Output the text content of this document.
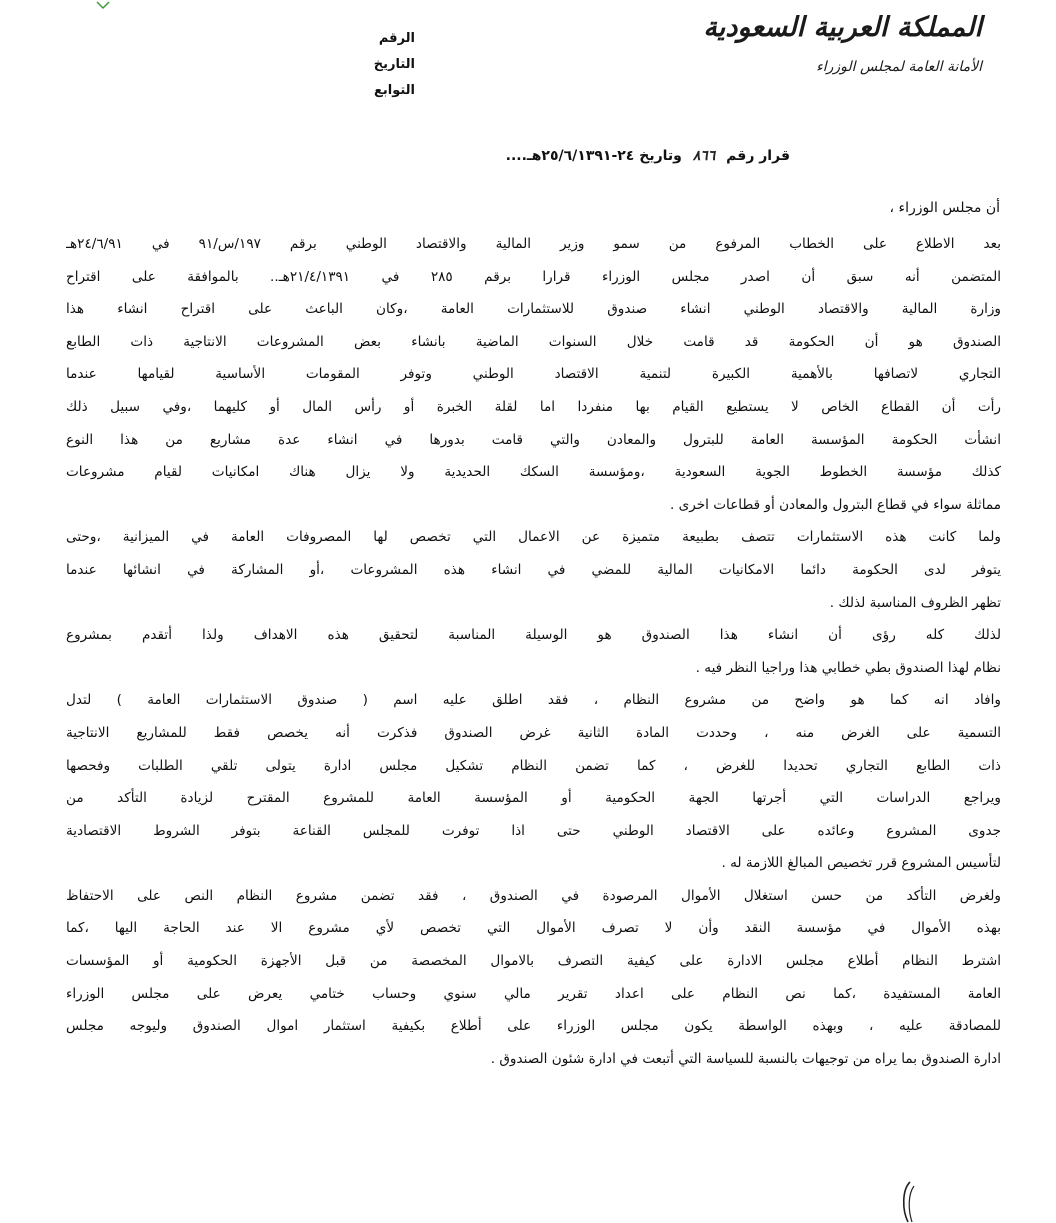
المملكة العربية السعودية
الأمانة العامة لمجلس الوزراء
الرقم
التاريخ
التوابع
قرار رقم ٨٦٦ وتاريخ ٢٤-٢٥/٦/١٣٩١هـ....
أن مجلس الوزراء ،
بعد الاطلاع على الخطاب المرفوع من سمو وزير المالية والاقتصاد الوطني برقم ١٩٧/س/٩١ في ٢٤/٦/٩١هـ
المتضمن أنه سبق أن اصدر مجلس الوزراء قرارا برقم ٢٨٥ في ٢١/٤/١٣٩١هـ.. بالموافقة على اقتراح
وزارة المالية والاقتصاد الوطني انشاء صندوق للاستثمارات العامة ،وكان الباعث على اقتراح انشاء هذا
الصندوق هو أن الحكومة قد قامت خلال السنوات الماضية بانشاء بعض المشروعات الانتاجية ذات الطابع
التجاري لاتصافها بالأهمية الكبيرة لتنمية الاقتصاد الوطني وتوفر المقومات الأساسية لقيامها عندما
رأت أن القطاع الخاص لا يستطيع القيام بها منفردا اما لقلة الخبرة أو رأس المال أو كليهما ،وفي سبيل ذلك
انشأت الحكومة المؤسسة العامة للبترول والمعادن والتي قامت بدورها في انشاء عدة مشاريع من هذا النوع
كذلك مؤسسة الخطوط الجوية السعودية ،ومؤسسة السكك الحديدية ولا يزال هناك امكانيات لقيام مشروعات
مماثلة سواء في قطاع البترول والمعادن أو قطاعات اخرى .
ولما كانت هذه الاستثمارات تتصف بطبيعة متميزة عن الاعمال التي تخصص لها المصروفات العامة في الميزانية ،وحتى
يتوفر لدى الحكومة دائما الامكانيات المالية للمضي في انشاء هذه المشروعات ،أو المشاركة في انشائها عندما
تظهر الظروف المناسبة لذلك .
لذلك كله رؤى أن انشاء هذا الصندوق هو الوسيلة المناسبة لتحقيق هذه الاهداف ولذا أتقدم بمشروع
نظام لهذا الصندوق بطي خطابي هذا وراجيا النظر فيه .
وافاد انه كما هو واضح من مشروع النظام ، فقد اطلق عليه اسم ( صندوق الاستثمارات العامة ) لتدل
التسمية على الغرض منه ، وحددت المادة الثانية غرض الصندوق فذكرت أنه يخصص فقط للمشاريع الانتاجية
ذات الطابع التجاري تحديدا للغرض ، كما تضمن النظام تشكيل مجلس ادارة يتولى تلقي الطلبات وفحصها
ويراجع الدراسات التي أجرتها الجهة الحكومية أو المؤسسة العامة للمشروع المقترح لزيادة التأكد من
جدوى المشروع وعائده على الاقتصاد الوطني حتى اذا توفرت للمجلس القناعة بتوفر الشروط الاقتصادية
لتأسيس المشروع قرر تخصيص المبالغ اللازمة له .
ولغرض التأكد من حسن استغلال الأموال المرصودة في الصندوق ، فقد تضمن مشروع النظام النص على الاحتفاظ
بهذه الأموال في مؤسسة النقد وأن لا تصرف الأموال التي تخصص لأي مشروع الا عند الحاجة اليها ،كما
اشترط النظام أطلاع مجلس الادارة على كيفية التصرف بالاموال المخصصة من قبل الأجهزة الحكومية أو المؤسسات
العامة المستفيدة ،كما نص النظام على اعداد تقرير مالي سنوي وحساب ختامي يعرض على مجلس الوزراء
للمصادقة عليه ، وبهذه الواسطة يكون مجلس الوزراء على أطلاع بكيفية استثمار اموال الصندوق وليوجه مجلس
ادارة الصندوق بما يراه من توجيهات بالنسبة للسياسة التي أتبعت في ادارة شئون الصندوق .
